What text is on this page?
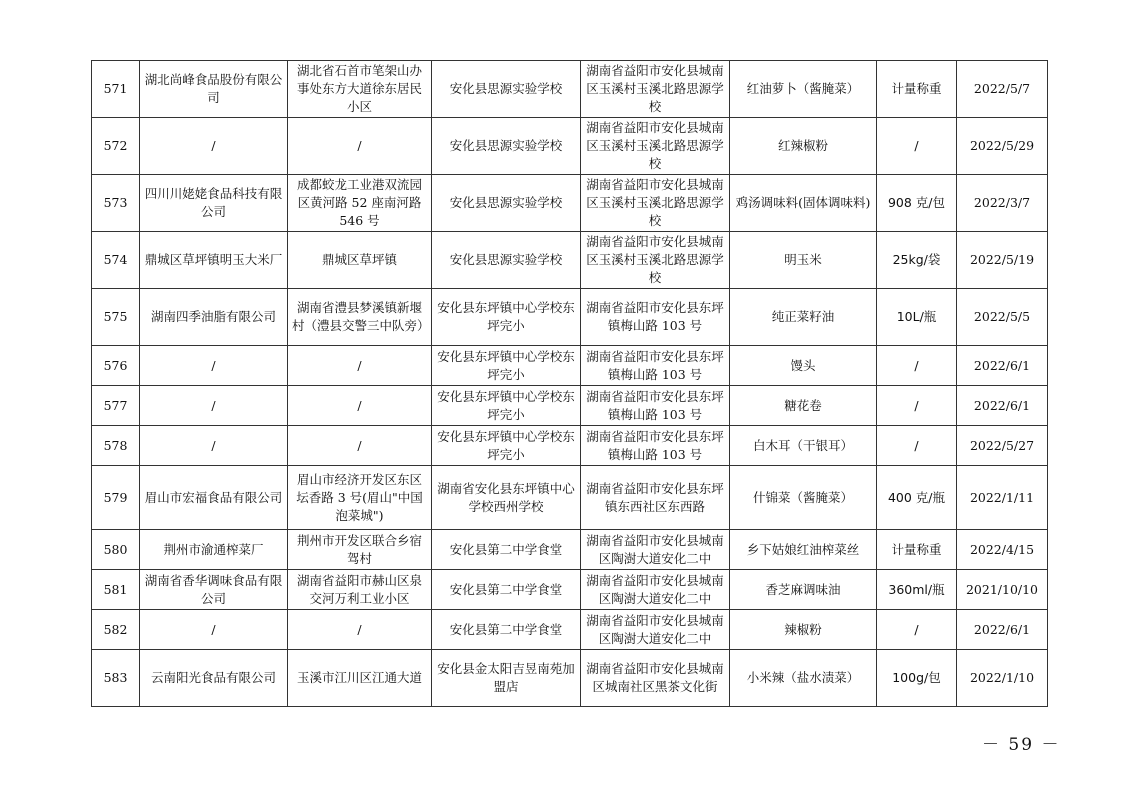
571	湖北尚峰食品股份有限公司	湖北省石首市笔架山办事处东方大道徐东居民小区	安化县思源实验学校	湖南省益阳市安化县城南区玉溪村玉溪北路思源学校	红油萝卜（酱腌菜）	计量称重	2022/5/7
572	/	/	安化县思源实验学校	湖南省益阳市安化县城南区玉溪村玉溪北路思源学校	红辣椒粉	/	2022/5/29
573	四川川姥姥食品科技有限公司	成都蛟龙工业港双流园区黄河路 52 座南河路 546 号	安化县思源实验学校	湖南省益阳市安化县城南区玉溪村玉溪北路思源学校	鸡汤调味料(固体调味料)	908 克/包	2022/3/7
574	鼎城区草坪镇明玉大米厂	鼎城区草坪镇	安化县思源实验学校	湖南省益阳市安化县城南区玉溪村玉溪北路思源学校	明玉米	25kg/袋	2022/5/19
575	湖南四季油脂有限公司	湖南省澧县梦溪镇新堰村（澧县交警三中队旁）	安化县东坪镇中心学校东坪完小	湖南省益阳市安化县东坪镇梅山路 103 号	纯正菜籽油	10L/瓶	2022/5/5
576	/	/	安化县东坪镇中心学校东坪完小	湖南省益阳市安化县东坪镇梅山路 103 号	馒头	/	2022/6/1
577	/	/	安化县东坪镇中心学校东坪完小	湖南省益阳市安化县东坪镇梅山路 103 号	糖花卷	/	2022/6/1
578	/	/	安化县东坪镇中心学校东坪完小	湖南省益阳市安化县东坪镇梅山路 103 号	白木耳（干银耳）	/	2022/5/27
579	眉山市宏福食品有限公司	眉山市经济开发区东区坛香路 3 号(眉山"中国泡菜城")	湖南省安化县东坪镇中心学校西州学校	湖南省益阳市安化县东坪镇东西社区东西路	什锦菜（酱腌菜）	400 克/瓶	2022/1/11
580	荆州市渝通榨菜厂	荆州市开发区联合乡宿驾村	安化县第二中学食堂	湖南省益阳市安化县城南区陶澍大道安化二中	乡下姑娘红油榨菜丝	计量称重	2022/4/15
581	湖南省香华调味食品有限公司	湖南省益阳市赫山区泉交河万利工业小区	安化县第二中学食堂	湖南省益阳市安化县城南区陶澍大道安化二中	香芝麻调味油	360ml/瓶	2021/10/10
582	/	/	安化县第二中学食堂	湖南省益阳市安化县城南区陶澍大道安化二中	辣椒粉	/	2022/6/1
583	云南阳光食品有限公司	玉溪市江川区江通大道	安化县金太阳吉昱南苑加盟店	湖南省益阳市安化县城南区城南社区黑茶文化街	小米辣（盐水渍菜）	100g/包	2022/1/10
－ 59 －
